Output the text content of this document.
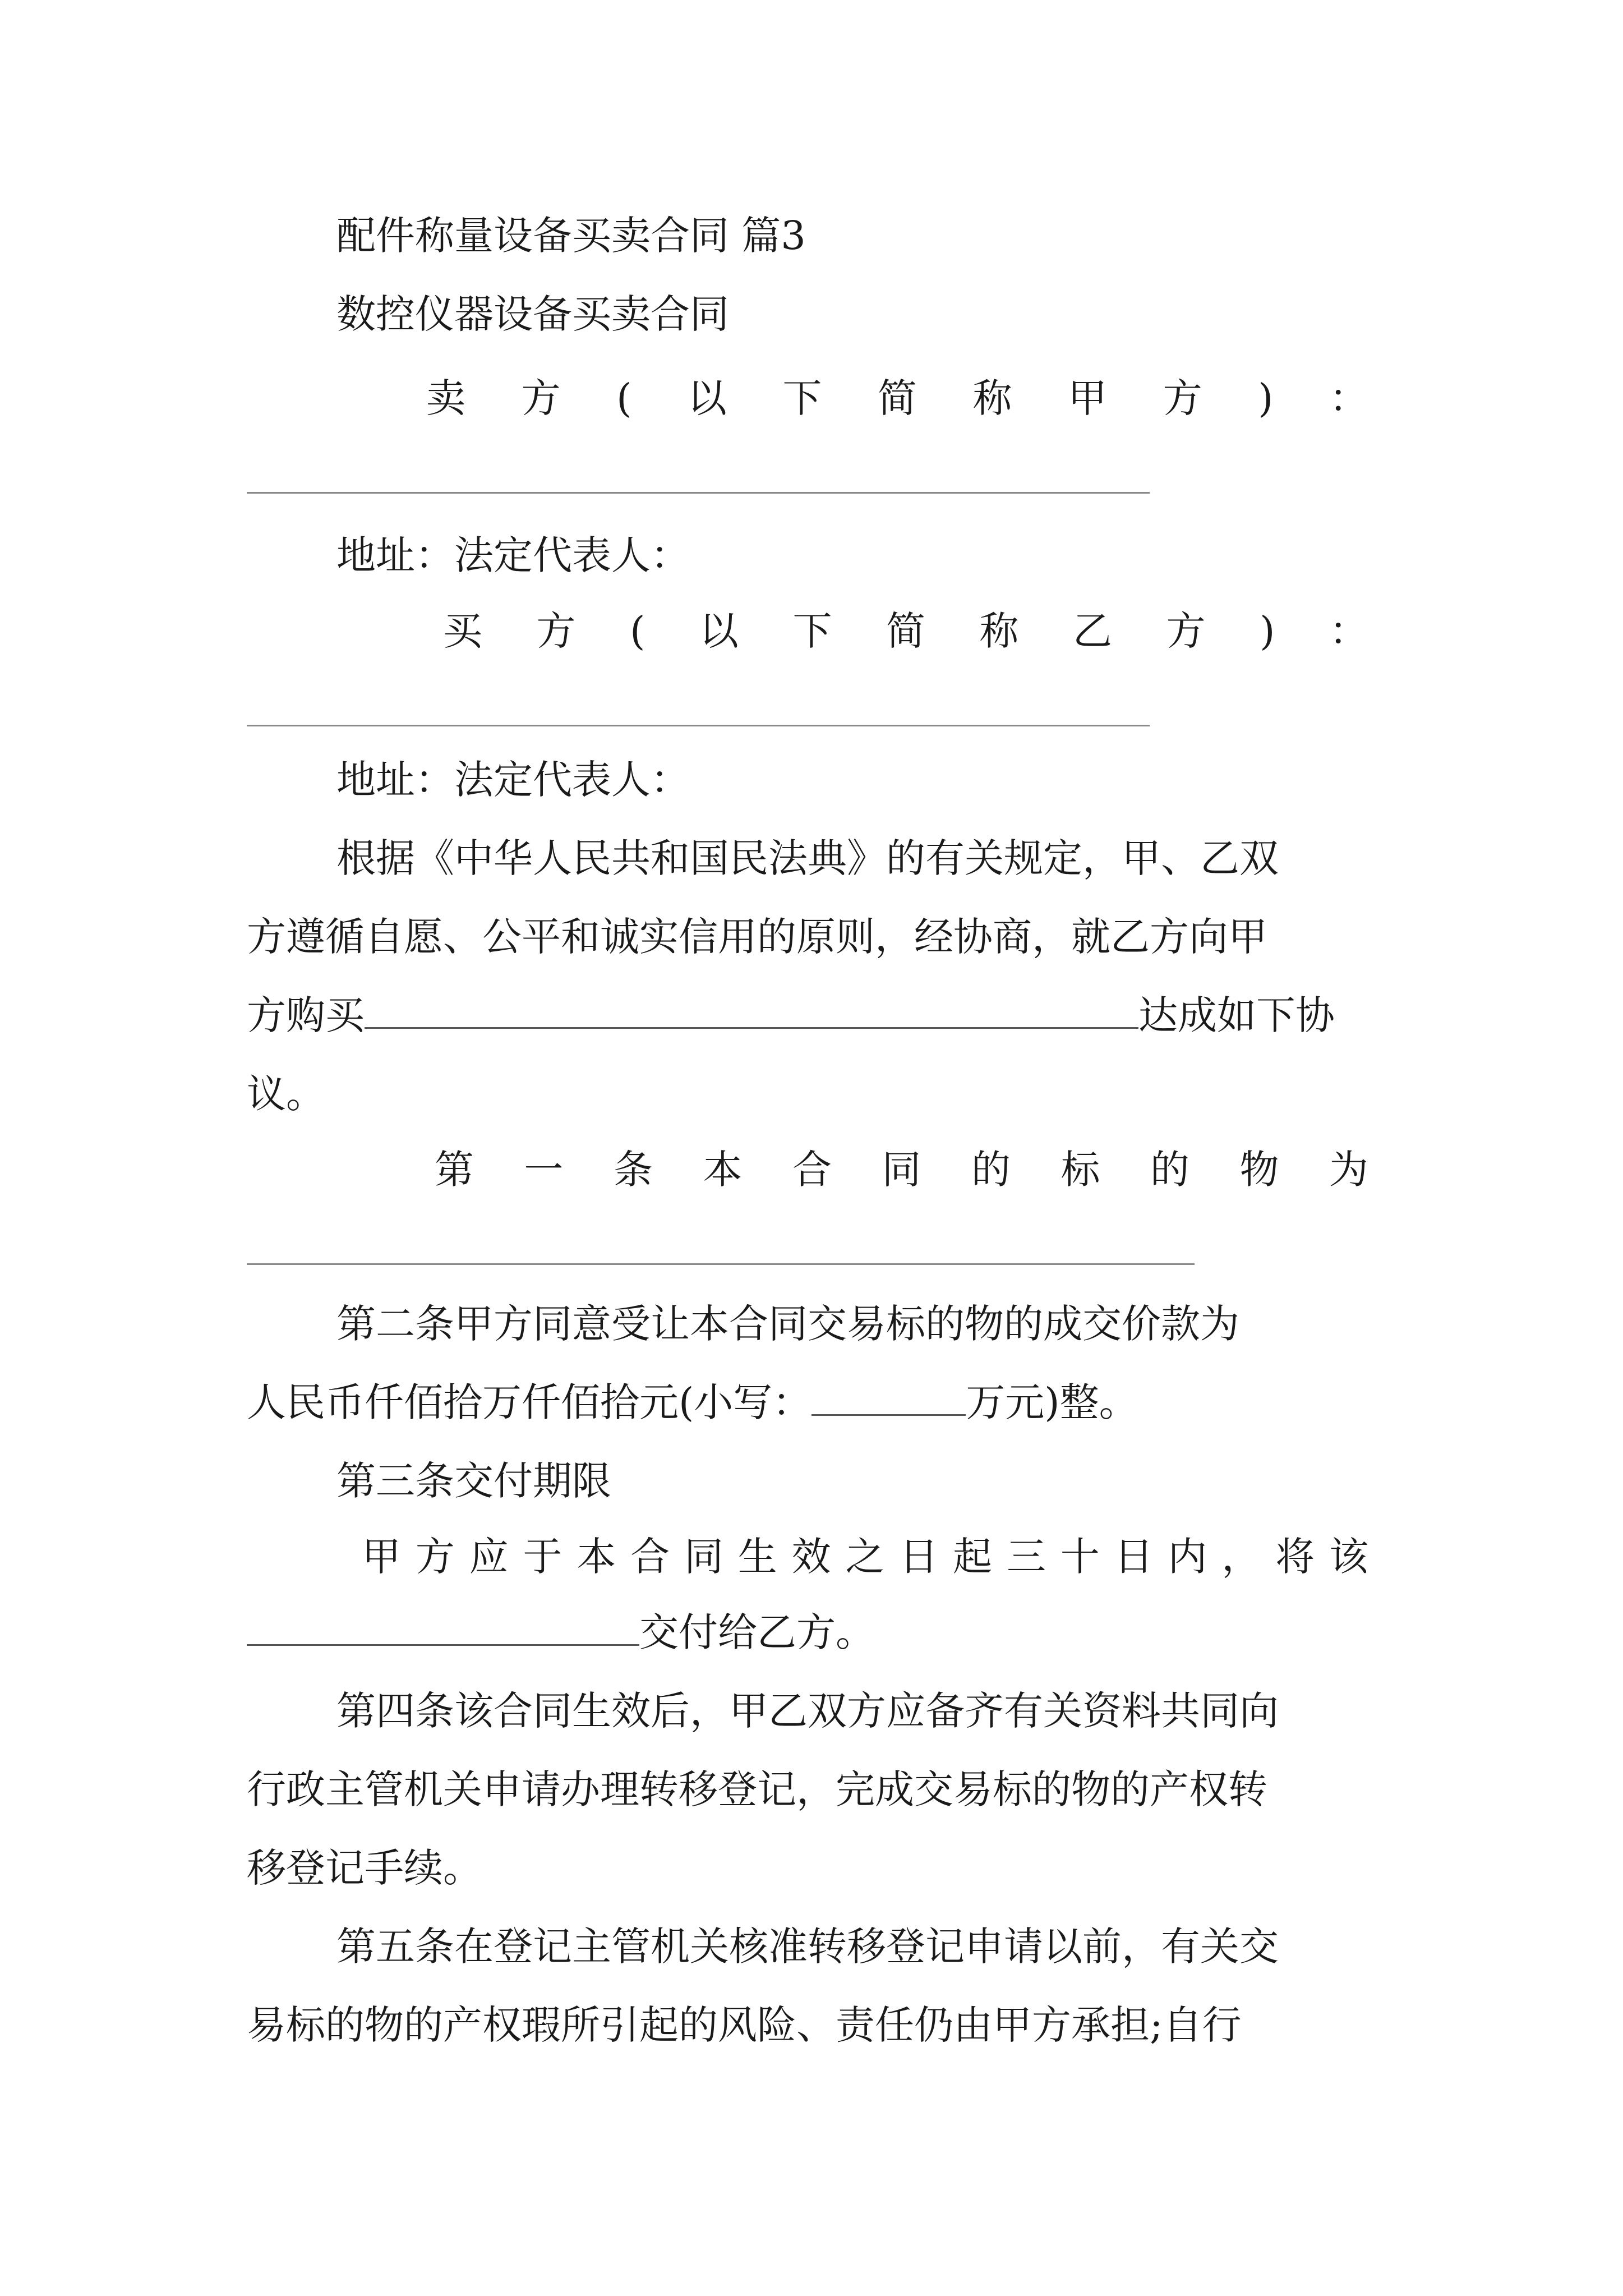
配件称量设备买卖合同 篇3

数控仪器设备买卖合同

卖 方 ( 以 下 简 称 甲 方 ) ：

地址：法定代表人：

买 方 ( 以 下 简 称 乙 方 ) ：

地址：法定代表人：

根据《中华人民共和国民法典》的有关规定，甲、乙双

方遵循自愿、公平和诚实信用的原则，经协商，就乙方向甲

方购买	达成如下协

议。

第 一 条 本 合 同 的 标 的 物 为

第二条甲方同意受让本合同交易标的物的成交价款为

人民币仟佰拾万仟佰拾元(小写：	万元)整。

第三条交付期限

甲 方 应 于 本 合 同 生 效 之 日 起 三 十 日 内 ， 将 该

交付给乙方。

第四条该合同生效后，甲乙双方应备齐有关资料共同向

行政主管机关申请办理转移登记，完成交易标的物的产权转

移登记手续。

第五条在登记主管机关核准转移登记申请以前，有关交

易标的物的产权瑕所引起的风险、责任仍由甲方承担;自行
